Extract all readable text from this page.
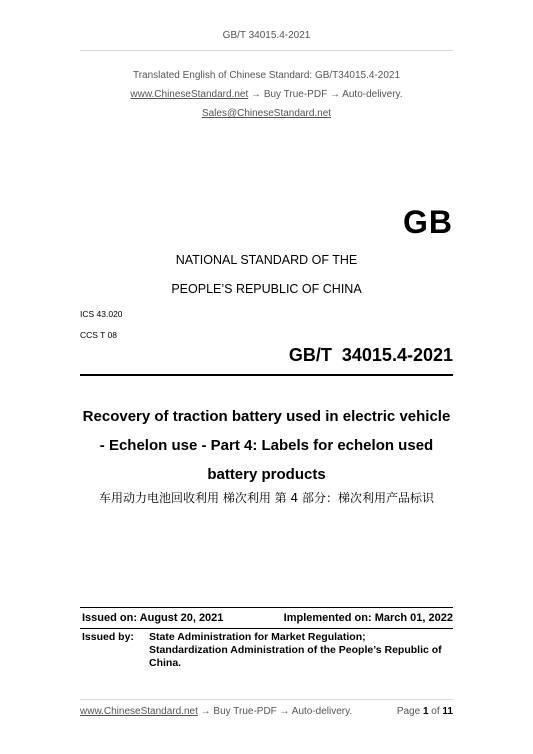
GB/T 34015.4-2021
Translated English of Chinese Standard: GB/T34015.4-2021
www.ChineseStandard.net → Buy True-PDF → Auto-delivery.
Sales@ChineseStandard.net
GB
NATIONAL STANDARD OF THE
PEOPLE’S REPUBLIC OF CHINA
ICS 43.020
CCS T 08
GB/T  34015.4-2021
Recovery of traction battery used in electric vehicle - Echelon use - Part 4: Labels for echelon used battery products
车用动力电池回收利用 梯次利用 第 4 部分：梯次利用产品标识
Issued on: August 20, 2021	Implemented on: March 01, 2022
Issued by: State Administration for Market Regulation;
Standardization Administration of the People’s Republic of China.
www.ChineseStandard.net → Buy True-PDF → Auto-delivery.	Page 1 of 11
